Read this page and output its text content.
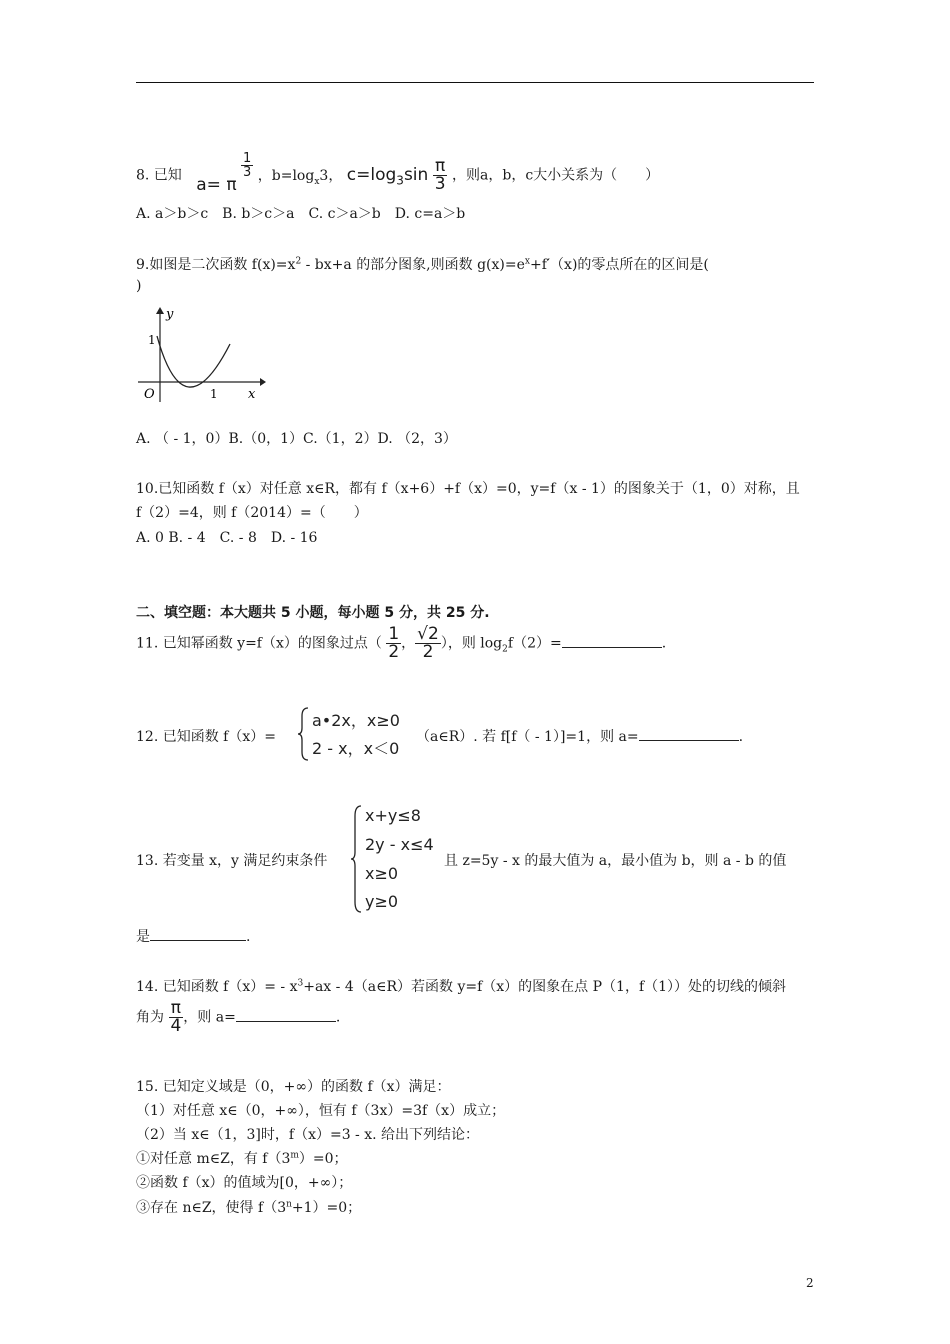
8. 已知 a= π
$\frac{1}{3}$ ，$b=\log_x3$， $c=\log_3\sin \frac{\pi}{3}$ ，则a，b，c大小关系为（　　）
A. a＞b＞c　B. b＞c＞a　C. c＞a＞b　D. c=a＞b
9.如图是二次函数 $f(x)=x^2 - bx+a$ 的部分图象,则函数 $g(x)=e^x+f'(x)$的零点所在的区间是(
)
y
x
O
1
1
A. （ - 1，0）B.（0，1）C.（1，2）D. （2，3）
10.已知函数 f（x）对任意 x∈R，都有 f（x+6）+f（x）=0，y=f（x - 1）的图象关于（1，0）对称，且
f（2）=4，则 f（2014）=（　　）
A. 0 B. - 4　C. - 8　D. - 16
二、填空题：本大题共 5 小题，每小题 5 分，共 25 分.
11. 已知幂函数 y=f（x）的图象过点（ $\frac{1}{2}$ ， $\frac{√2}{2}$ ），则 $\log_2f(2)=$	.
12. 已知函数 f（x）=
a•2x，x≥0
2 - x，x＜0
（a∈R）. 若 f[f（ - 1）]=1，则 a=	.
13. 若变量 x，y 满足约束条件
x+y≤8
2y - x≤4
x≥0
y≥0
且 z=5y - x 的最大值为 a，最小值为 b，则 a - b 的值
是	.
14. 已知函数 $f(x)= - x^3+ax$ - 4（a∈R）若函数 y=f（x）的图象在点 P（1，f（1））处的切线的倾斜
角为 $\frac{\pi}{4}$ ，则 a=	.
15. 已知定义域是（0，+∞）的函数 f（x）满足：
（1）对任意 x∈（0，+∞），恒有 f（3x）=3f（x）成立；
（2）当 x∈（1，3]时，f（x）=3 - x. 给出下列结论：
①对任意 m∈Z，有 $f(3^m)=0$；
②函数 f（x）的值域为[0，+∞）；
③存在 n∈Z，使得 $f(3^n+1)=0$；
2
